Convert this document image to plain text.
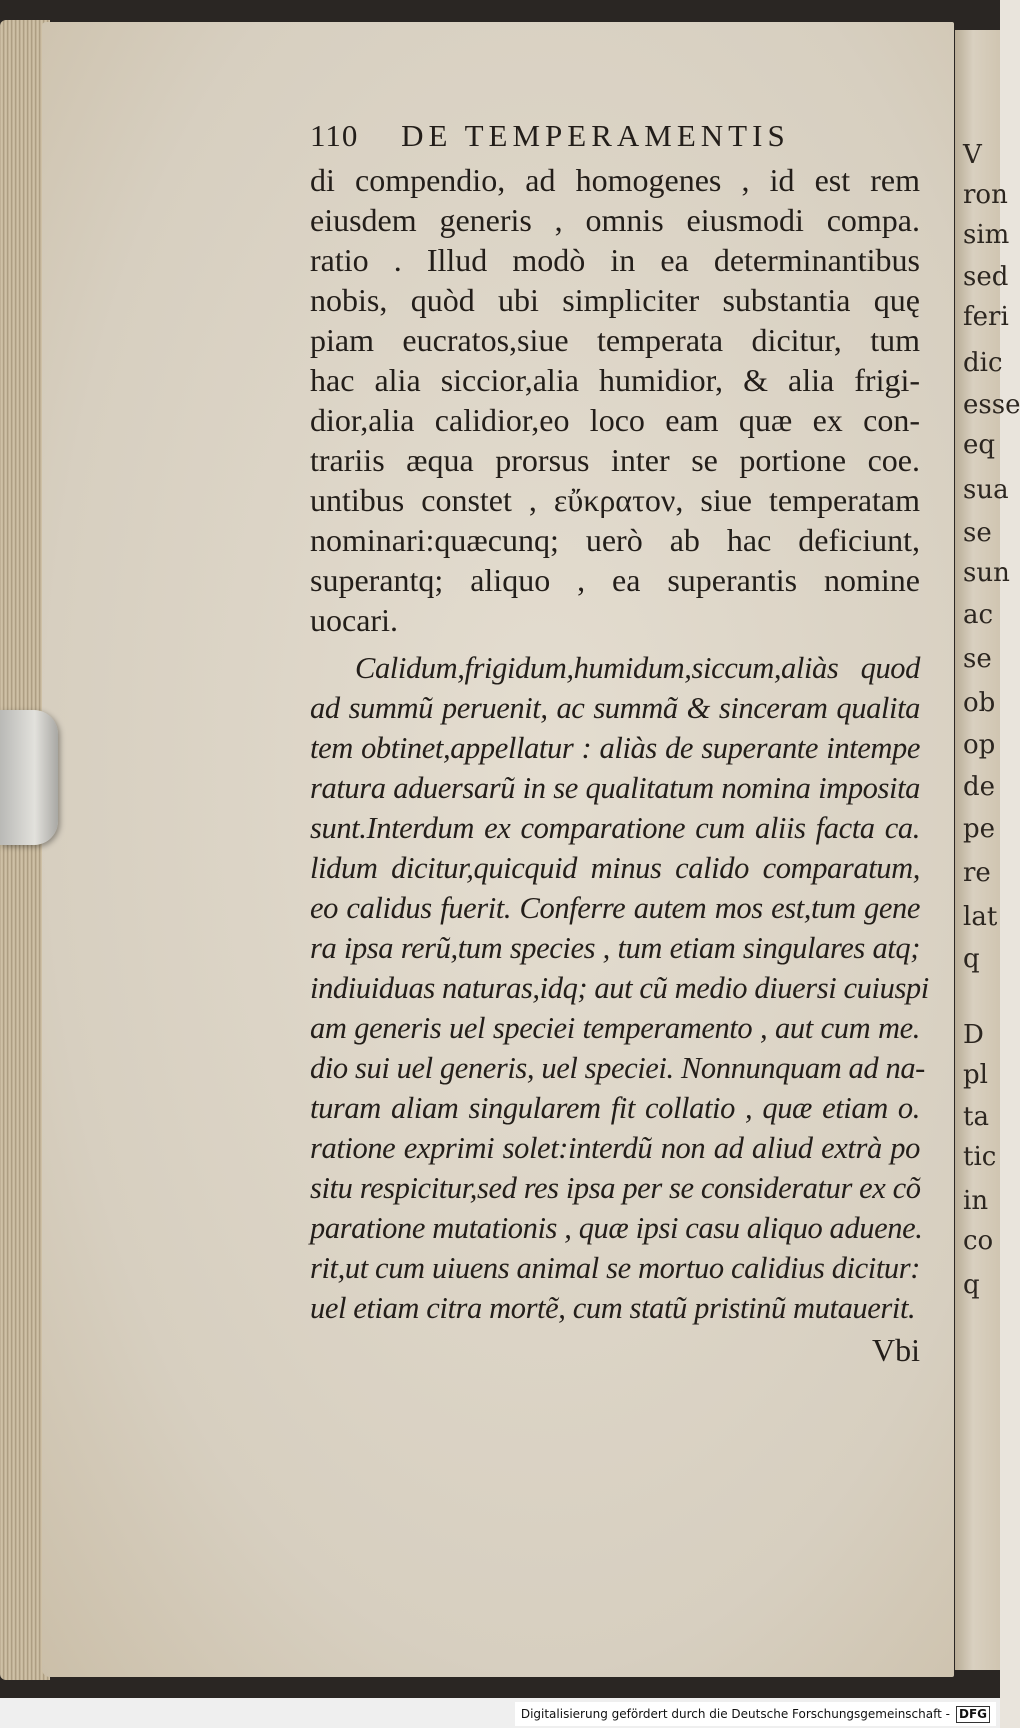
V
ron
sim
sed
feri
dic
esse
eq
sua
se
sun
ac
se
ob
op
de
pe
re
lat
q
D
pl
ta
tic
in
co
q
110 DE TEMPERAMENTIS
di compendio, ad homogenes , id est rem
eiusdem generis , omnis eiusmodi compa.
ratio . Illud modò in ea determinantibus
nobis, quòd ubi simpliciter substantia quę
piam eucratos,siue temperata dicitur, tum
hac alia siccior,alia humidior, & alia frigi-
dior,alia calidior,eo loco eam quæ ex con-
trariis æqua prorsus inter se portione coe.
untibus constet , εὔκρατον, siue temperatam
nominari:quæcunq; uerò ab hac deficiunt,
superantq; aliquo , ea superantis nomine
uocari.
Calidum,frigidum,humidum,siccum,aliàs quod
ad summũ peruenit, ac summã & sinceram qualita
tem obtinet,appellatur : aliàs de superante intempe
ratura aduersarũ in se qualitatum nomina imposita
sunt.Interdum ex comparatione cum aliis facta ca.
lidum dicitur,quicquid minus calido comparatum,
eo calidus fuerit. Conferre autem mos est,tum gene
ra ipsa rerũ,tum species , tum etiam singulares atq;
indiuiduas naturas,idq; aut cũ medio diuersi cuiuspi
am generis uel speciei temperamento , aut cum me.
dio sui uel generis, uel speciei. Nonnunquam ad na-
turam aliam singularem fit collatio , quæ etiam o.
ratione exprimi solet:interdũ non ad aliud extrà po
situ respicitur,sed res ipsa per se consideratur ex cõ
paratione mutationis , quæ ipsi casu aliquo aduene.
rit,ut cum uiuens animal se mortuo calidius dicitur:
uel etiam citra mortẽ, cum statũ pristinũ mutauerit.
Vbi
Digitalisierung gefördert durch die Deutsche Forschungsgemeinschaft - DFG
